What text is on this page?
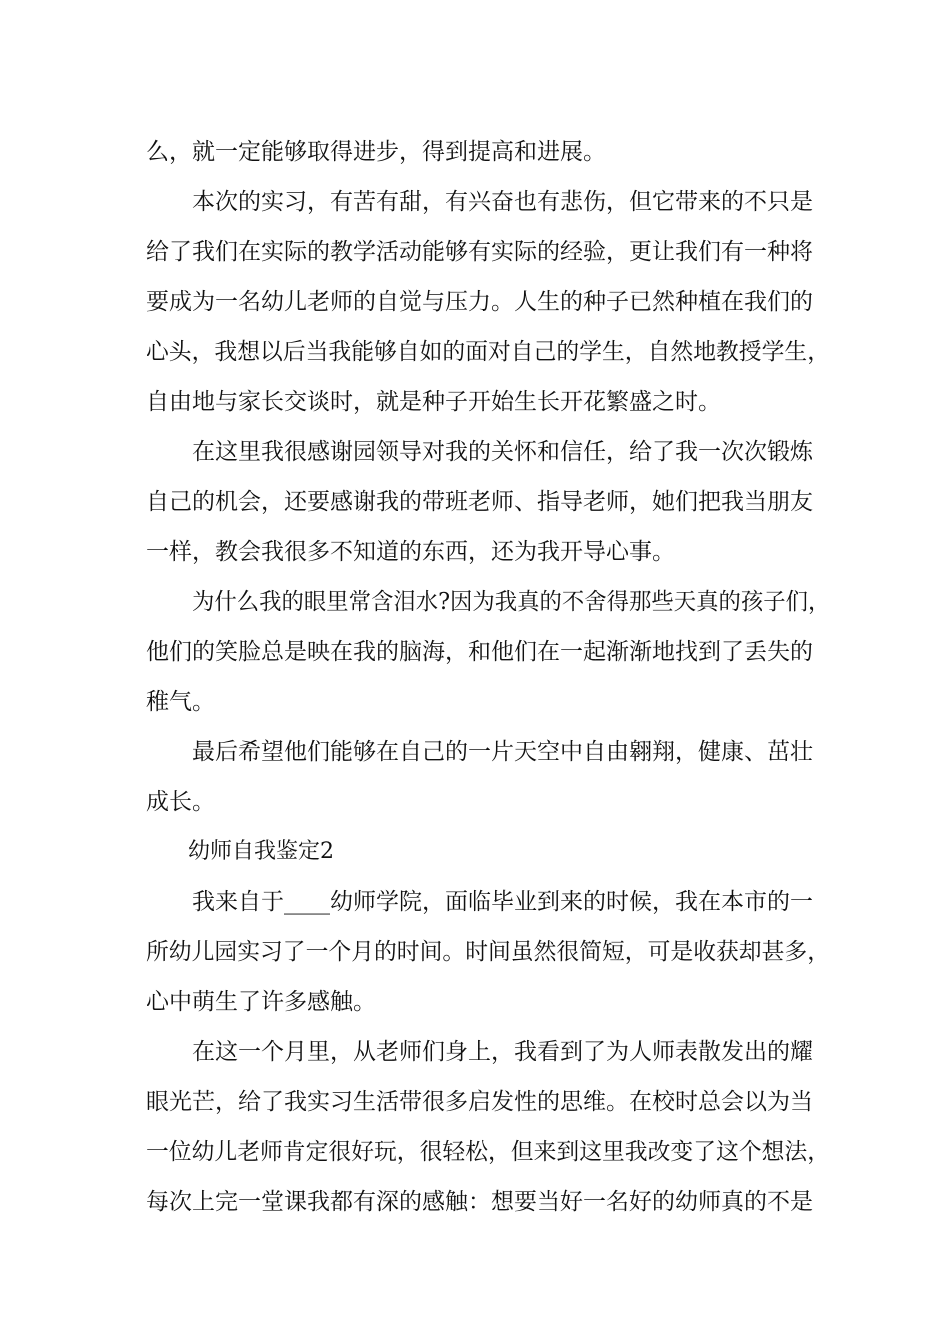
么，就一定能够取得进步，得到提高和进展。
本次的实习，有苦有甜，有兴奋也有悲伤，但它带来的不只是
给了我们在实际的教学活动能够有实际的经验，更让我们有一种将
要成为一名幼儿老师的自觉与压力。人生的种子已然种植在我们的
心头，我想以后当我能够自如的面对自己的学生，自然地教授学生，
自由地与家长交谈时，就是种子开始生长开花繁盛之时。
在这里我很感谢园领导对我的关怀和信任，给了我一次次锻炼
自己的机会，还要感谢我的带班老师、指导老师，她们把我当朋友
一样，教会我很多不知道的东西，还为我开导心事。
为什么我的眼里常含泪水?因为我真的不舍得那些天真的孩子们，
他们的笑脸总是映在我的脑海，和他们在一起渐渐地找到了丢失的
稚气。
最后希望他们能够在自己的一片天空中自由翱翔，健康、茁壮
成长。
幼师自我鉴定2
我来自于____幼师学院，面临毕业到来的时候，我在本市的一
所幼儿园实习了一个月的时间。时间虽然很简短，可是收获却甚多，
心中萌生了许多感触。
在这一个月里，从老师们身上，我看到了为人师表散发出的耀
眼光芒，给了我实习生活带很多启发性的思维。在校时总会以为当
一位幼儿老师肯定很好玩，很轻松，但来到这里我改变了这个想法，
每次上完一堂课我都有深的感触：想要当好一名好的幼师真的不是
